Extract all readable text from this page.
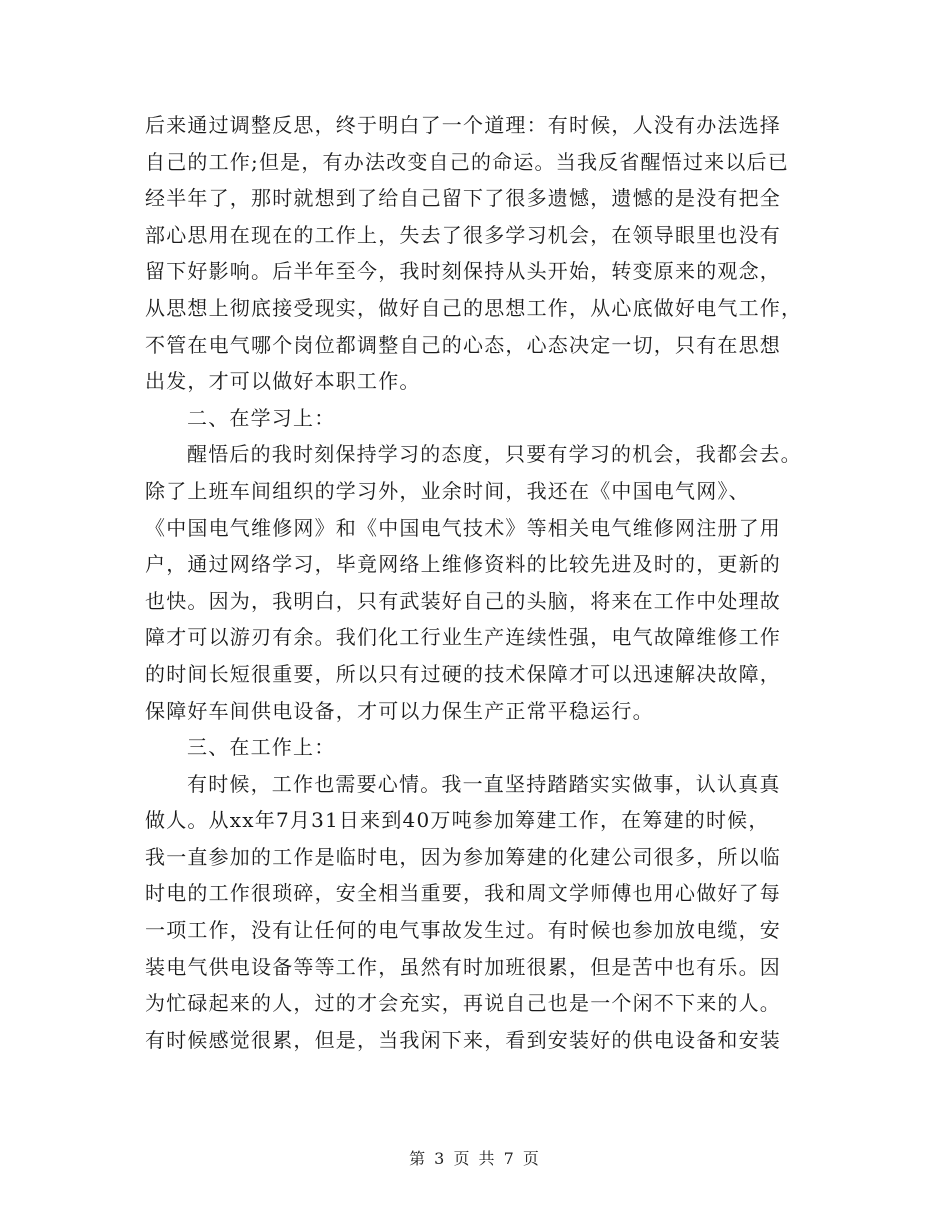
后来通过调整反思，终于明白了一个道理：有时候，人没有办法选择
自己的工作;但是，有办法改变自己的命运。当我反省醒悟过来以后已
经半年了，那时就想到了给自己留下了很多遗憾，遗憾的是没有把全
部心思用在现在的工作上，失去了很多学习机会，在领导眼里也没有
留下好影响。后半年至今，我时刻保持从头开始，转变原来的观念，
从思想上彻底接受现实，做好自己的思想工作，从心底做好电气工作，
不管在电气哪个岗位都调整自己的心态，心态决定一切，只有在思想
出发，才可以做好本职工作。
二、在学习上：
醒悟后的我时刻保持学习的态度，只要有学习的机会，我都会去。
除了上班车间组织的学习外，业余时间，我还在《中国电气网》、
《中国电气维修网》和《中国电气技术》等相关电气维修网注册了用
户，通过网络学习，毕竟网络上维修资料的比较先进及时的，更新的
也快。因为，我明白，只有武装好自己的头脑，将来在工作中处理故
障才可以游刃有余。我们化工行业生产连续性强，电气故障维修工作
的时间长短很重要，所以只有过硬的技术保障才可以迅速解决故障，
保障好车间供电设备，才可以力保生产正常平稳运行。
三、在工作上：
有时候，工作也需要心情。我一直坚持踏踏实实做事，认认真真
做人。从xx年7月31日来到40万吨参加筹建工作，在筹建的时候，
我一直参加的工作是临时电，因为参加筹建的化建公司很多，所以临
时电的工作很琐碎，安全相当重要，我和周文学师傅也用心做好了每
一项工作，没有让任何的电气事故发生过。有时候也参加放电缆，安
装电气供电设备等等工作，虽然有时加班很累，但是苦中也有乐。因
为忙碌起来的人，过的才会充实，再说自己也是一个闲不下来的人。
有时候感觉很累，但是，当我闲下来，看到安装好的供电设备和安装
第 3 页 共 7 页
